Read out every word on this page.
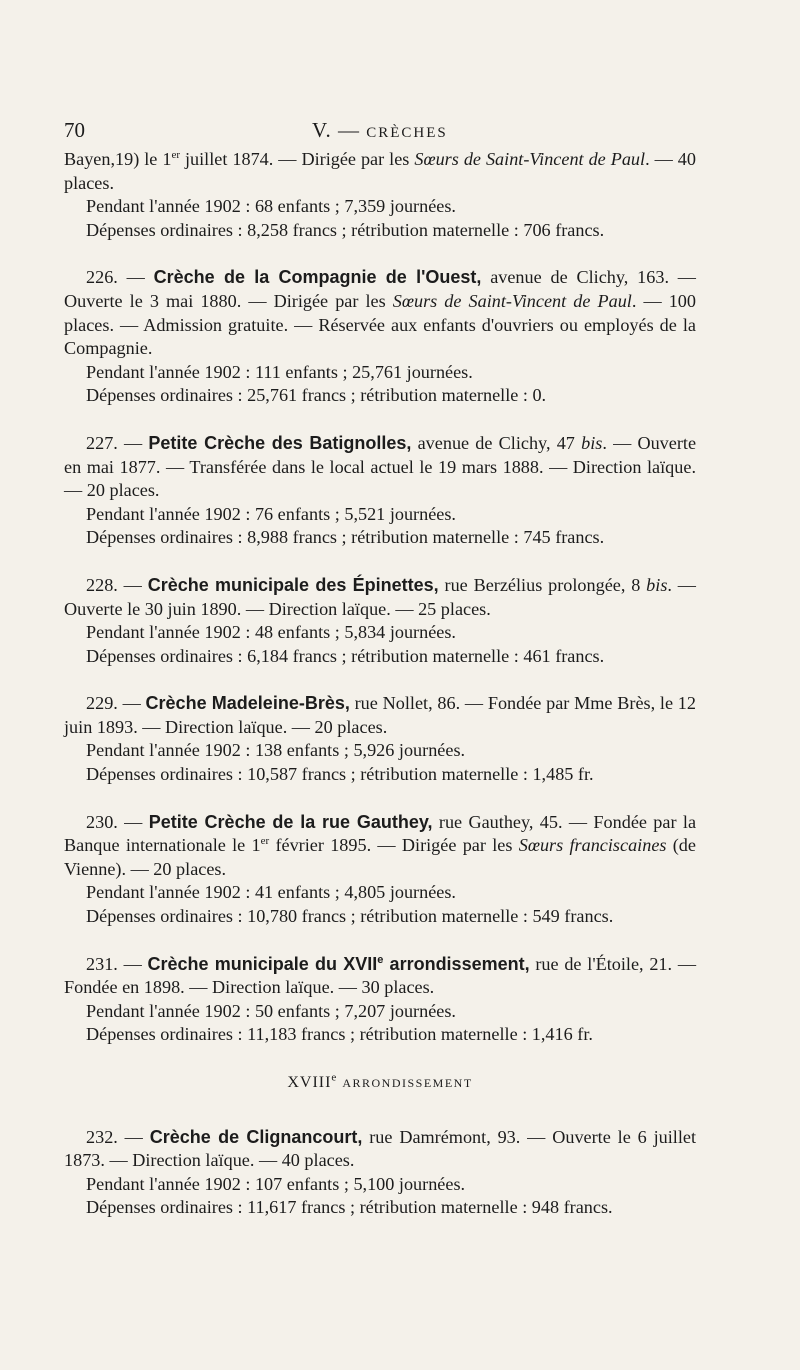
70	V. — CRÈCHES

Bayen,19) le 1er juillet 1874. — Dirigée par les Sœurs de Saint-Vincent de Paul. — 40 places.

Pendant l'année 1902 : 68 enfants ; 7,359 journées.

Dépenses ordinaires : 8,258 francs ; rétribution maternelle : 706 francs.

226. — Crèche de la Compagnie de l'Ouest, avenue de Clichy, 163. — Ouverte le 3 mai 1880. — Dirigée par les Sœurs de Saint-Vincent de Paul. — 100 places. — Admission gratuite. — Réservée aux enfants d'ouvriers ou employés de la Compagnie.

Pendant l'année 1902 : 111 enfants ; 25,761 journées.

Dépenses ordinaires : 25,761 francs ; rétribution maternelle : 0.

227. — Petite Crèche des Batignolles, avenue de Clichy, 47 bis. — Ouverte en mai 1877. — Transférée dans le local actuel le 19 mars 1888. — Direction laïque. — 20 places.

Pendant l'année 1902 : 76 enfants ; 5,521 journées.

Dépenses ordinaires : 8,988 francs ; rétribution maternelle : 745 francs.

228. — Crèche municipale des Épinettes, rue Berzélius prolongée, 8 bis. — Ouverte le 30 juin 1890. — Direction laïque. — 25 places.

Pendant l'année 1902 : 48 enfants ; 5,834 journées.

Dépenses ordinaires : 6,184 francs ; rétribution maternelle : 461 francs.

229. — Crèche Madeleine-Brès, rue Nollet, 86. — Fondée par Mme Brès, le 12 juin 1893. — Direction laïque. — 20 places.

Pendant l'année 1902 : 138 enfants ; 5,926 journées.

Dépenses ordinaires : 10,587 francs ; rétribution maternelle : 1,485 fr.

230. — Petite Crèche de la rue Gauthey, rue Gauthey, 45. — Fondée par la Banque internationale le 1er février 1895. — Dirigée par les Sœurs franciscaines (de Vienne). — 20 places.

Pendant l'année 1902 : 41 enfants ; 4,805 journées.

Dépenses ordinaires : 10,780 francs ; rétribution maternelle : 549 francs.

231. — Crèche municipale du XVIIe arrondissement, rue de l'Étoile, 21. — Fondée en 1898. — Direction laïque. — 30 places.

Pendant l'année 1902 : 50 enfants ; 7,207 journées.

Dépenses ordinaires : 11,183 francs ; rétribution maternelle : 1,416 fr.

XVIIIe ARRONDISSEMENT

232. — Crèche de Clignancourt, rue Damrémont, 93. — Ouverte le 6 juillet 1873. — Direction laïque. — 40 places.

Pendant l'année 1902 : 107 enfants ; 5,100 journées.

Dépenses ordinaires : 11,617 francs ; rétribution maternelle : 948 francs.
